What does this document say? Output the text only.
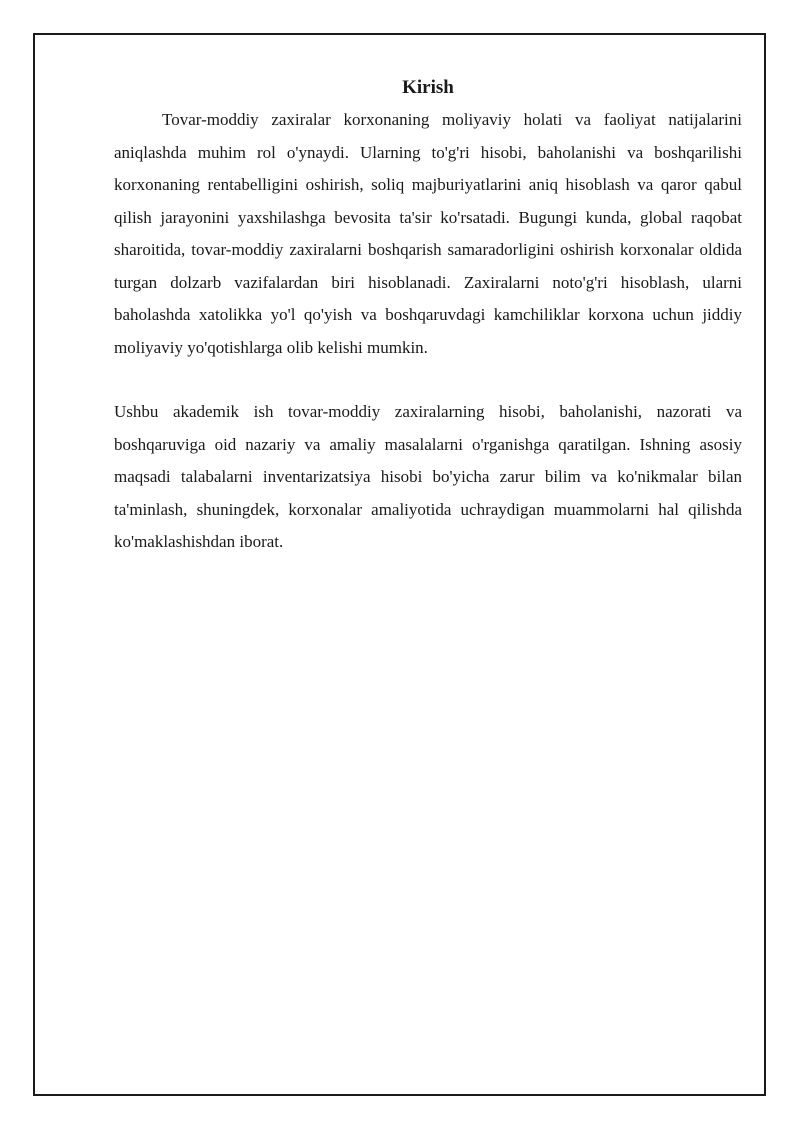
Kirish

Tovar-moddiy zaxiralar korxonaning moliyaviy holati va faoliyat natijalarini aniqlashda muhim rol o'ynaydi. Ularning to'g'ri hisobi, baholanishi va boshqarilishi korxonaning rentabelligini oshirish, soliq majburiyatlarini aniq hisoblash va qaror qabul qilish jarayonini yaxshilashga bevosita ta'sir ko'rsatadi. Bugungi kunda, global raqobat sharoitida, tovar-moddiy zaxiralarni boshqarish samaradorligini oshirish korxonalar oldida turgan dolzarb vazifalardan biri hisoblanadi. Zaxiralarni noto'g'ri hisoblash, ularni baholashda xatolikka yo'l qo'yish va boshqaruvdagi kamchiliklar korxona uchun jiddiy moliyaviy yo'qotishlarga olib kelishi mumkin.

Ushbu akademik ish tovar-moddiy zaxiralarning hisobi, baholanishi, nazorati va boshqaruviga oid nazariy va amaliy masalalarni o'rganishga qaratilgan. Ishning asosiy maqsadi talabalarni inventarizatsiya hisobi bo'yicha zarur bilim va ko'nikmalar bilan ta'minlash, shuningdek, korxonalar amaliyotida uchraydigan muammolarni hal qilishda ko'maklashishdan iborat.
